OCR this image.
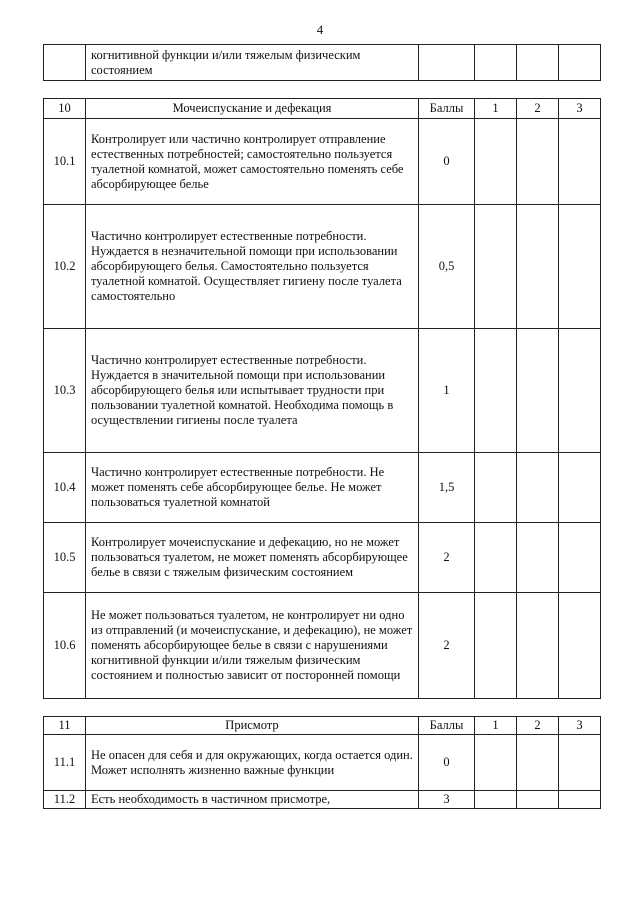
4
	когнитивной функции и/или тяжелым физическим состоянием				
10	Мочеиспускание и дефекация	Баллы	1	2	3
10.1	Контролирует или частично контролирует отправление естественных потребностей; самостоятельно пользуется туалетной комнатой, может самостоятельно поменять себе абсорбирующее белье	0			
10.2	Частично контролирует естественные потребности. Нуждается в незначительной помощи при использовании абсорбирующего белья. Самостоятельно пользуется туалетной комнатой. Осуществляет гигиену после туалета самостоятельно	0,5			
10.3	Частично контролирует естественные потребности. Нуждается в значительной помощи при использовании абсорбирующего белья или испытывает трудности при пользовании туалетной комнатой. Необходима помощь в осуществлении гигиены после туалета	1			
10.4	Частично контролирует естественные потребности. Не может поменять себе абсорбирующее белье. Не может пользоваться туалетной комнатой	1,5			
10.5	Контролирует мочеиспускание и дефекацию, но не может пользоваться туалетом, не может поменять абсорбирующее белье в связи с тяжелым физическим состоянием	2			
10.6	Не может пользоваться туалетом, не контролирует ни одно из отправлений (и мочеиспускание, и дефекацию), не может поменять абсорбирующее белье в связи с нарушениями когнитивной функции и/или тяжелым физическим состоянием и полностью зависит от посторонней помощи	2			
11	Присмотр	Баллы	1	2	3
11.1	Не опасен для себя и для окружающих, когда остается один. Может исполнять жизненно важные функции	0			
11.2	Есть необходимость в частичном присмотре,	3			
